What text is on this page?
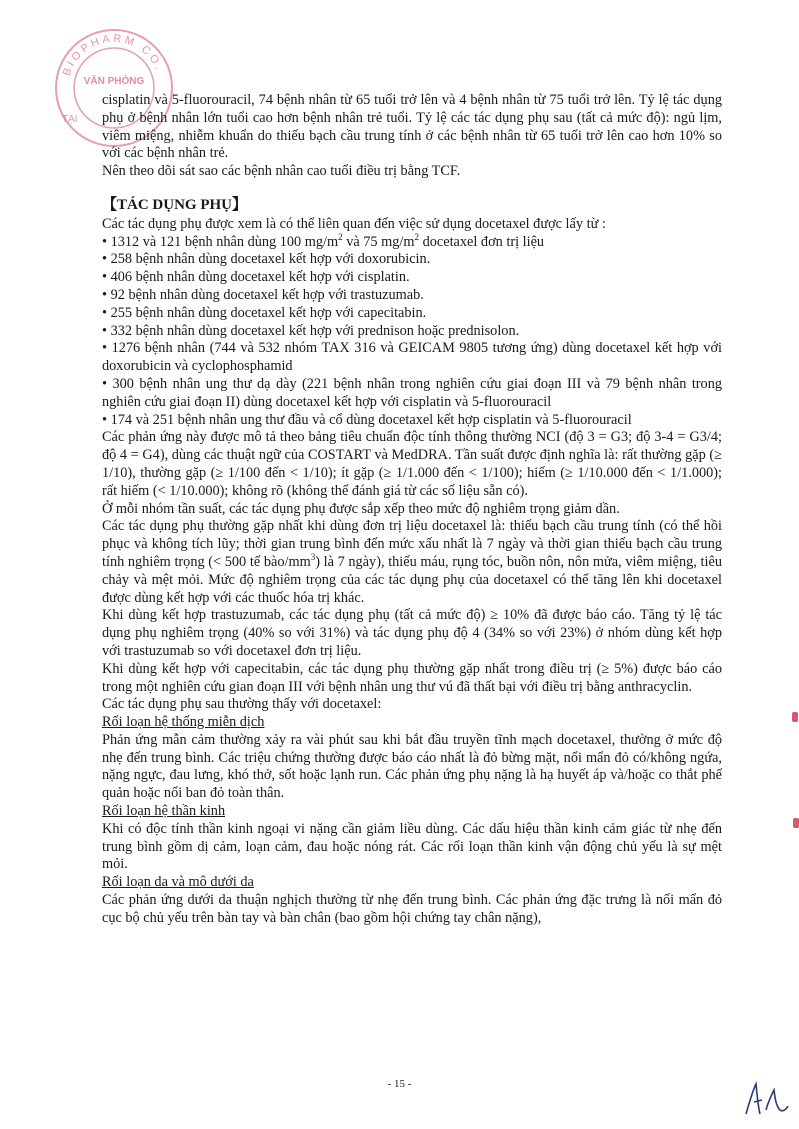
BIOPHARM CO.
VĂN PHÒNG
TẠI

cisplatin và 5-fluorouracil, 74 bệnh nhân từ 65 tuổi trở lên và 4 bệnh nhân từ 75 tuổi trở lên. Tỷ lệ tác dụng phụ ở bệnh nhân lớn tuổi cao hơn bệnh nhân trẻ tuổi. Tỷ lệ các tác dụng phụ sau (tất cả mức độ): ngủ lịm, viêm miệng, nhiễm khuẩn do thiếu bạch cầu trung tính ở các bệnh nhân từ 65 tuổi trở lên cao hơn 10% so với các bệnh nhân trẻ.

Nên theo dõi sát sao các bệnh nhân cao tuổi điều trị bằng TCF.

【TÁC DỤNG PHỤ】

Các tác dụng phụ được xem là có thể liên quan đến việc sử dụng docetaxel được lấy từ :

• 1312 và 121 bệnh nhân dùng 100 $mg/m^2$ và 75 $mg/m^2$ docetaxel đơn trị liệu

• 258 bệnh nhân dùng docetaxel kết hợp với doxorubicin.

• 406 bệnh nhân dùng docetaxel kết hợp với cisplatin.

• 92 bệnh nhân dùng docetaxel kết hợp với trastuzumab.

• 255 bệnh nhân dùng docetaxel kết hợp với capecitabin.

• 332 bệnh nhân dùng docetaxel kết hợp với prednison hoặc prednisolon.

• 1276 bệnh nhân (744 và 532 nhóm TAX 316 và GEICAM 9805 tương ứng) dùng docetaxel kết hợp với doxorubicin và cyclophosphamid

• 300 bệnh nhân ung thư dạ dày (221 bệnh nhân trong nghiên cứu giai đoạn III và 79 bệnh nhân trong nghiên cứu giai đoạn II) dùng docetaxel kết hợp với cisplatin và 5-fluorouracil

• 174 và 251 bệnh nhân ung thư đầu và cổ dùng docetaxel kết hợp cisplatin và 5-fluorouracil

Các phản ứng này được mô tả theo bảng tiêu chuẩn độc tính thông thường NCI (độ 3 = G3; độ 3-4 = G3/4; độ 4 = G4), dùng các thuật ngữ của COSTART và MedDRA. Tần suất được định nghĩa là: rất thường gặp (≥ 1/10), thường gặp (≥ 1/100 đến < 1/10); ít gặp (≥ 1/1.000 đến < 1/100); hiếm (≥ 1/10.000 đến < 1/1.000); rất hiếm (< 1/10.000); không rõ (không thể đánh giá từ các số liệu sẵn có).

Ở mỗi nhóm tần suất, các tác dụng phụ được sắp xếp theo mức độ nghiêm trọng giảm dần.

Các tác dụng phụ thường gặp nhất khi dùng đơn trị liệu docetaxel là: thiếu bạch cầu trung tính (có thể hồi phục và không tích lũy; thời gian trung bình đến mức xấu nhất là 7 ngày và thời gian thiếu bạch cầu trung tính nghiêm trọng (< 500 tế bào/$mm^3$) là 7 ngày), thiếu máu, rụng tóc, buồn nôn, nôn mửa, viêm miệng, tiêu chảy và mệt mỏi. Mức độ nghiêm trọng của các tác dụng phụ của docetaxel có thể tăng lên khi docetaxel được dùng kết hợp với các thuốc hóa trị khác.

Khi dùng kết hợp trastuzumab, các tác dụng phụ (tất cả mức độ) ≥ 10% đã được báo cáo. Tăng tỷ lệ tác dụng phụ nghiêm trọng (40% so với 31%) và tác dụng phụ độ 4 (34% so với 23%) ở nhóm dùng kết hợp với trastuzumab so với docetaxel đơn trị liệu.

Khi dùng kết hợp với capecitabin, các tác dụng phụ thường gặp nhất trong điều trị (≥ 5%) được báo cáo trong một nghiên cứu gian đoạn III với bệnh nhân ung thư vú đã thất bại với điều trị bằng anthracyclin.

Các tác dụng phụ sau thường thấy với docetaxel:

Rối loạn hệ thống miễn dịch

Phản ứng mẫn cảm thường xảy ra vài phút sau khi bắt đầu truyền tĩnh mạch docetaxel, thường ở mức độ nhẹ đến trung bình. Các triệu chứng thường được báo cáo nhất là đỏ bừng mặt, nổi mẩn đỏ có/không ngứa, nặng ngực, đau lưng, khó thở, sốt hoặc lạnh run. Các phản ứng phụ nặng là hạ huyết áp và/hoặc co thắt phế quản hoặc nổi ban đỏ toàn thân.

Rối loạn hệ thần kinh

Khi có độc tính thần kinh ngoại vi nặng cần giảm liều dùng. Các dấu hiệu thần kinh cảm giác từ nhẹ đến trung bình gồm dị cảm, loạn cảm, đau hoặc nóng rát. Các rối loạn thần kinh vận động chủ yếu là sự mệt mỏi.

Rối loạn da và mô dưới da

Các phản ứng dưới da thuận nghịch thường từ nhẹ đến trung bình. Các phản ứng đặc trưng là nổi mẩn đỏ cục bộ chủ yếu trên bàn tay và bàn chân (bao gồm hội chứng tay chân nặng),

- 15 -
